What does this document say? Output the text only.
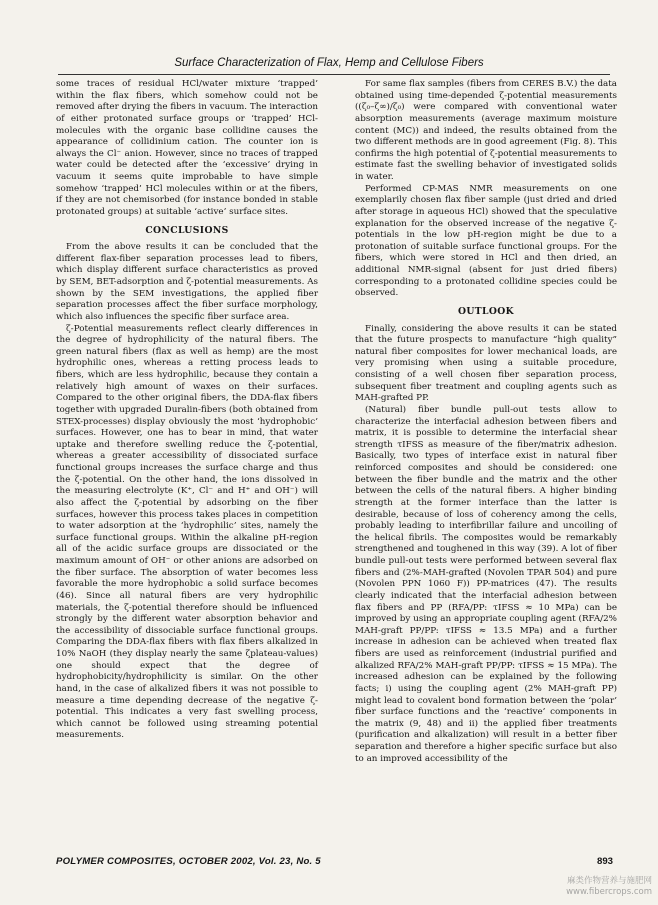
Surface Characterization of Flax, Hemp and Cellulose Fibers

some traces of residual HCl/water mixture ‘trapped’ within the flax fibers, which somehow could not be removed after drying the fibers in vacuum. The interaction of either protonated surface groups or ‘trapped’ HCl-molecules with the organic base collidine causes the appearance of collidinium cation. The counter ion is always the Cl⁻ anion. However, since no traces of trapped water could be detected after the ‘excessive’ drying in vacuum it seems quite improbable to have simple somehow ‘trapped’ HCl molecules within or at the fibers, if they are not chemisorbed (for instance bonded in stable protonated groups) at suitable ‘active’ surface sites.

CONCLUSIONS

From the above results it can be concluded that the different flax-fiber separation processes lead to fibers, which display different surface characteristics as proved by SEM, BET-adsorption and ζ-potential measurements. As shown by the SEM investigations, the applied fiber separation processes affect the fiber surface morphology, which also influences the specific fiber surface area.

ζ-Potential measurements reflect clearly differences in the degree of hydrophilicity of the natural fibers. The green natural fibers (flax as well as hemp) are the most hydrophilic ones, whereas a retting process leads to fibers, which are less hydrophilic, because they contain a relatively high amount of waxes on their surfaces. Compared to the other original fibers, the DDA-flax fibers together with upgraded Duralin-fibers (both obtained from STEX-processes) display obviously the most ‘hydrophobic’ surfaces. However, one has to bear in mind, that water uptake and therefore swelling reduce the ζ-potential, whereas a greater accessibility of dissociated surface functional groups increases the surface charge and thus the ζ-potential. On the other hand, the ions dissolved in the measuring electrolyte (K⁺, Cl⁻ and H⁺ and OH⁻) will also affect the ζ-potential by adsorbing on the fiber surfaces, however this process takes places in competition to water adsorption at the ‘hydrophilic’ sites, namely the surface functional groups. Within the alkaline pH-region all of the acidic surface groups are dissociated or the maximum amount of OH⁻ or other anions are adsorbed on the fiber surface. The absorption of water becomes less favorable the more hydrophobic a solid surface becomes (46). Since all natural fibers are very hydrophilic materials, the ζ-potential therefore should be influenced strongly by the different water absorption behavior and the accessibility of dissociable surface functional groups. Comparing the DDA-flax fibers with flax fibers alkalized in 10% NaOH (they display nearly the same ζplateau-values) one should expect that the degree of hydrophobicity/hydrophilicity is similar. On the other hand, in the case of alkalized fibers it was not possible to measure a time depending decrease of the negative ζ-potential. This indicates a very fast swelling process, which cannot be followed using streaming potential measurements.

For same flax samples (fibers from CERES B.V.) the data obtained using time-depended ζ-potential measurements ((ζ₀–ζ∞)/ζ₀) were compared with conventional water absorption measurements (average maximum moisture content (MC)) and indeed, the results obtained from the two different methods are in good agreement (Fig. 8). This confirms the high potential of ζ-potential measurements to estimate fast the swelling behavior of investigated solids in water.

Performed CP-MAS NMR measurements on one exemplarily chosen flax fiber sample (just dried and dried after storage in aqueous HCl) showed that the speculative explanation for the observed increase of the negative ζ-potentials in the low pH-region might be due to a protonation of suitable surface functional groups. For the fibers, which were stored in HCl and then dried, an additional NMR-signal (absent for just dried fibers) corresponding to a protonated collidine species could be observed.

OUTLOOK

Finally, considering the above results it can be stated that the future prospects to manufacture “high quality” natural fiber composites for lower mechanical loads, are very promising when using a suitable procedure, consisting of a well chosen fiber separation process, subsequent fiber treatment and coupling agents such as MAH-grafted PP.

(Natural) fiber bundle pull-out tests allow to characterize the interfacial adhesion between fibers and matrix, it is possible to determine the interfacial shear strength τIFSS as measure of the fiber/matrix adhesion. Basically, two types of interface exist in natural fiber reinforced composites and should be considered: one between the fiber bundle and the matrix and the other between the cells of the natural fibers. A higher binding strength at the former interface than the latter is desirable, because of loss of coherency among the cells, probably leading to interfibrillar failure and uncoiling of the helical fibrils. The composites would be remarkably strengthened and toughened in this way (39). A lot of fiber bundle pull-out tests were performed between several flax fibers and (2%-MAH-grafted (Novolen TPAR 504) and pure (Novolen PPN 1060 F)) PP-matrices (47). The results clearly indicated that the interfacial adhesion between flax fibers and PP (RFA/PP: τIFSS ≈ 10 MPa) can be improved by using an appropriate coupling agent (RFA/2% MAH-graft PP/PP: τIFSS ≈ 13.5 MPa) and a further increase in adhesion can be achieved when treated flax fibers are used as reinforcement (industrial purified and alkalized RFA/2% MAH-graft PP/PP: τIFSS ≈ 15 MPa). The increased adhesion can be explained by the following facts; i) using the coupling agent (2% MAH-graft PP) might lead to covalent bond formation between the ‘polar’ fiber surface functions and the ‘reactive’ components in the matrix (9, 48) and ii) the applied fiber treatments (purification and alkalization) will result in a better fiber separation and therefore a higher specific surface but also to an improved accessibility of the

POLYMER COMPOSITES, OCTOBER 2002, Vol. 23, No. 5	893
麻类作物营养与施肥网
www.fibercrops.com
